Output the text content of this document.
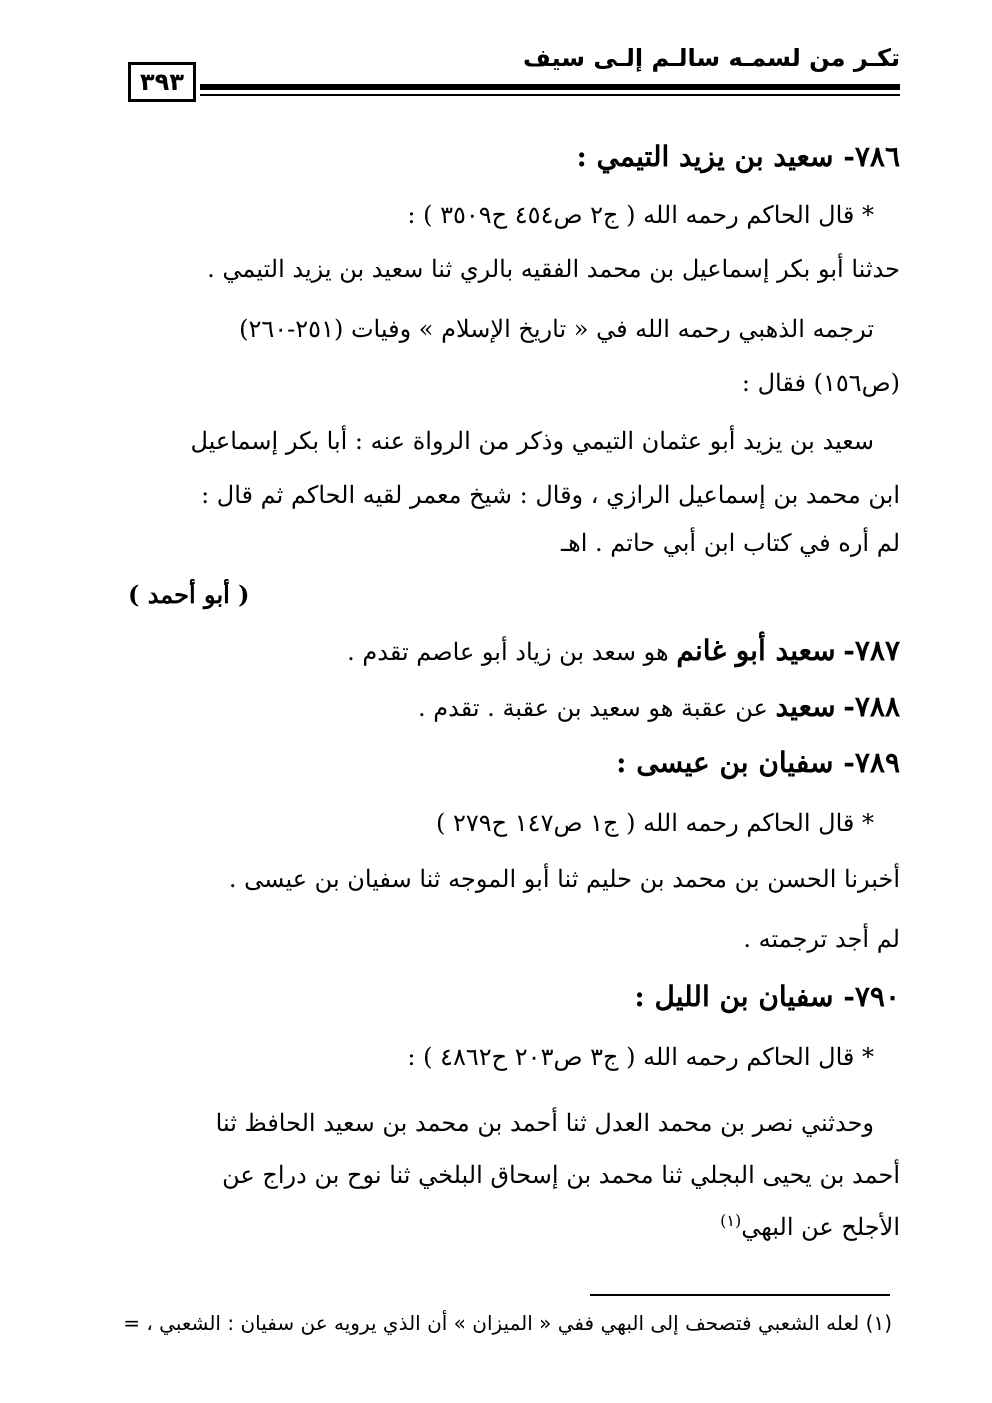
تكـر من لسمـه سالـم إلـى سيف
٣٩٣
٧٨٦- سعيد بن يزيد التيمي :
* قال الحاكم رحمه الله ( ج٢ ص٤٥٤ ح٣٥٠٩ ) :
حدثنا أبو بكر إسماعيل بن محمد الفقيه بالري ثنا سعيد بن يزيد التيمي .
ترجمه الذهبي رحمه الله في « تاريخ الإسلام » وفيات (٢٥١-٢٦٠)
(ص١٥٦) فقال :
سعيد بن يزيد أبو عثمان التيمي وذكر من الرواة عنه : أبا بكر إسماعيل
ابن محمد بن إسماعيل الرازي ، وقال : شيخ معمر لقيه الحاكم ثم قال :
لم أره في كتاب ابن أبي حاتم . اهـ
( أبو أحمد )
٧٨٧- سعيد أبو غانم هو سعد بن زياد أبو عاصم تقدم .
٧٨٨- سعيد عن عقبة هو سعيد بن عقبة . تقدم .
٧٨٩- سفيان بن عيسى :
* قال الحاكم رحمه الله ( ج١ ص١٤٧ ح٢٧٩ )
أخبرنا الحسن بن محمد بن حليم ثنا أبو الموجه ثنا سفيان بن عيسى .
لم أجد ترجمته .
٧٩٠- سفيان بن الليل :
* قال الحاكم رحمه الله ( ج٣ ص٢٠٣ ح٤٨٦٢ ) :
وحدثني نصر بن محمد العدل ثنا أحمد بن محمد بن سعيد الحافظ ثنا
أحمد بن يحيى البجلي ثنا محمد بن إسحاق البلخي ثنا نوح بن دراج عن
الأجلح عن البهي$^{(١)}$
(١) لعله الشعبي فتصحف إلى البهي ففي « الميزان » أن الذي يرويه عن سفيان : الشعبي ، =
